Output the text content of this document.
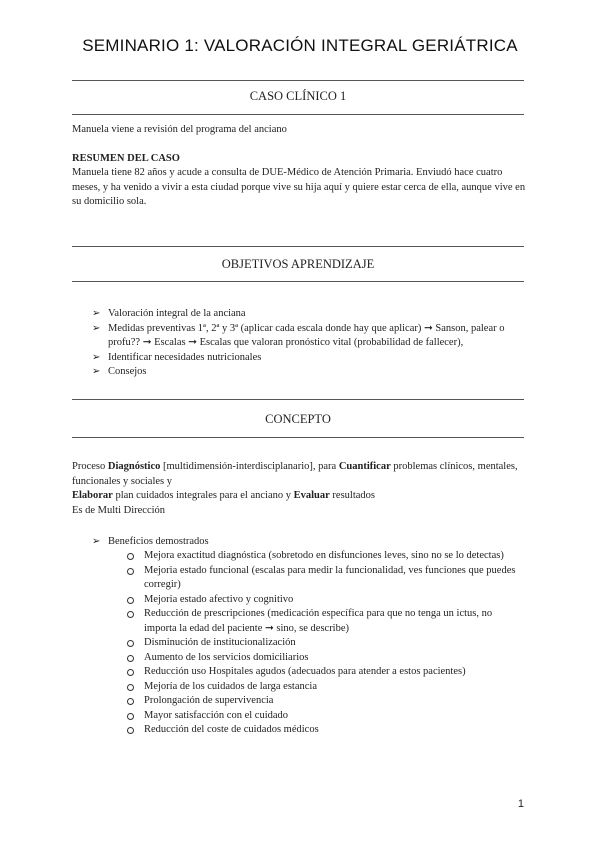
SEMINARIO 1: VALORACIÓN INTEGRAL GERIÁTRICA
CASO CLÍNICO 1
Manuela viene a revisión del programa del anciano
RESUMEN DEL CASO
Manuela tiene 82 años y acude a consulta de DUE-Médico de Atención Primaria. Enviudó hace cuatro meses, y ha venido a vivir a esta ciudad porque vive su hija aquí y quiere estar cerca de ella, aunque vive en su domicilio sola.
OBJETIVOS APRENDIZAJE
➢ Valoración integral de la anciana
➢ Medidas preventivas 1ª, 2ª y 3ª (aplicar cada escala donde hay que aplicar) ➞ Sanson, palear o profu?? ➞ Escalas ➞ Escalas que valoran pronóstico vital (probabilidad de fallecer),
➢ Identificar necesidades nutricionales
➢ Consejos
CONCEPTO
Proceso Diagnóstico [multidimensión-interdisciplanario], para Cuantificar problemas clínicos, mentales, funcionales y sociales y
Elaborar plan cuidados integrales para el anciano y Evaluar resultados
Es de Multi Dirección
➢ Beneficios demostrados
Mejora exactitud diagnóstica (sobretodo en disfunciones leves, sino no se lo detectas)
Mejoria estado funcional (escalas para medir la funcionalidad, ves funciones que puedes corregir)
Mejoria estado afectivo y cognitivo
Reducción de prescripciones (medicación específica para que no tenga un ictus, no importa la edad del paciente ➞ sino, se describe)
Disminución de institucionalización
Aumento de los servicios domiciliarios
Reducción uso Hospitales agudos (adecuados para atender a estos pacientes)
Mejoría de los cuidados de larga estancia
Prolongación de supervivencia
Mayor satisfacción con el cuidado
Reducción del coste de cuidados médicos
1
